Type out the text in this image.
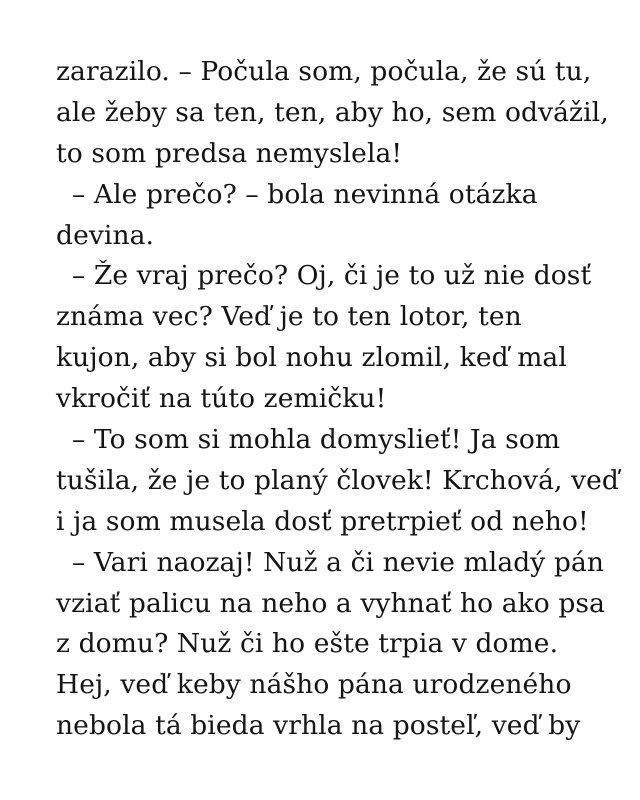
zarazilo. – Počula som, počula, že sú tu,
ale žeby sa ten, ten, aby ho, sem odvážil,
to som predsa nemyslela!
– Ale prečo? – bola nevinná otázka
devina.
– Že vraj prečo? Oj, či je to už nie dosť
známa vec? Veď je to ten lotor, ten
kujon, aby si bol nohu zlomil, keď mal
vkročiť na túto zemičku!
– To som si mohla domyslieť! Ja som
tušila, že je to planý človek! Krchová, veď
i ja som musela dosť pretrpieť od neho!
– Vari naozaj! Nuž a či nevie mladý pán
vziať palicu na neho a vyhnať ho ako psa
z domu? Nuž či ho ešte trpia v dome.
Hej, veď keby nášho pána urodzeného
nebola tá bieda vrhla na posteľ, veď by
